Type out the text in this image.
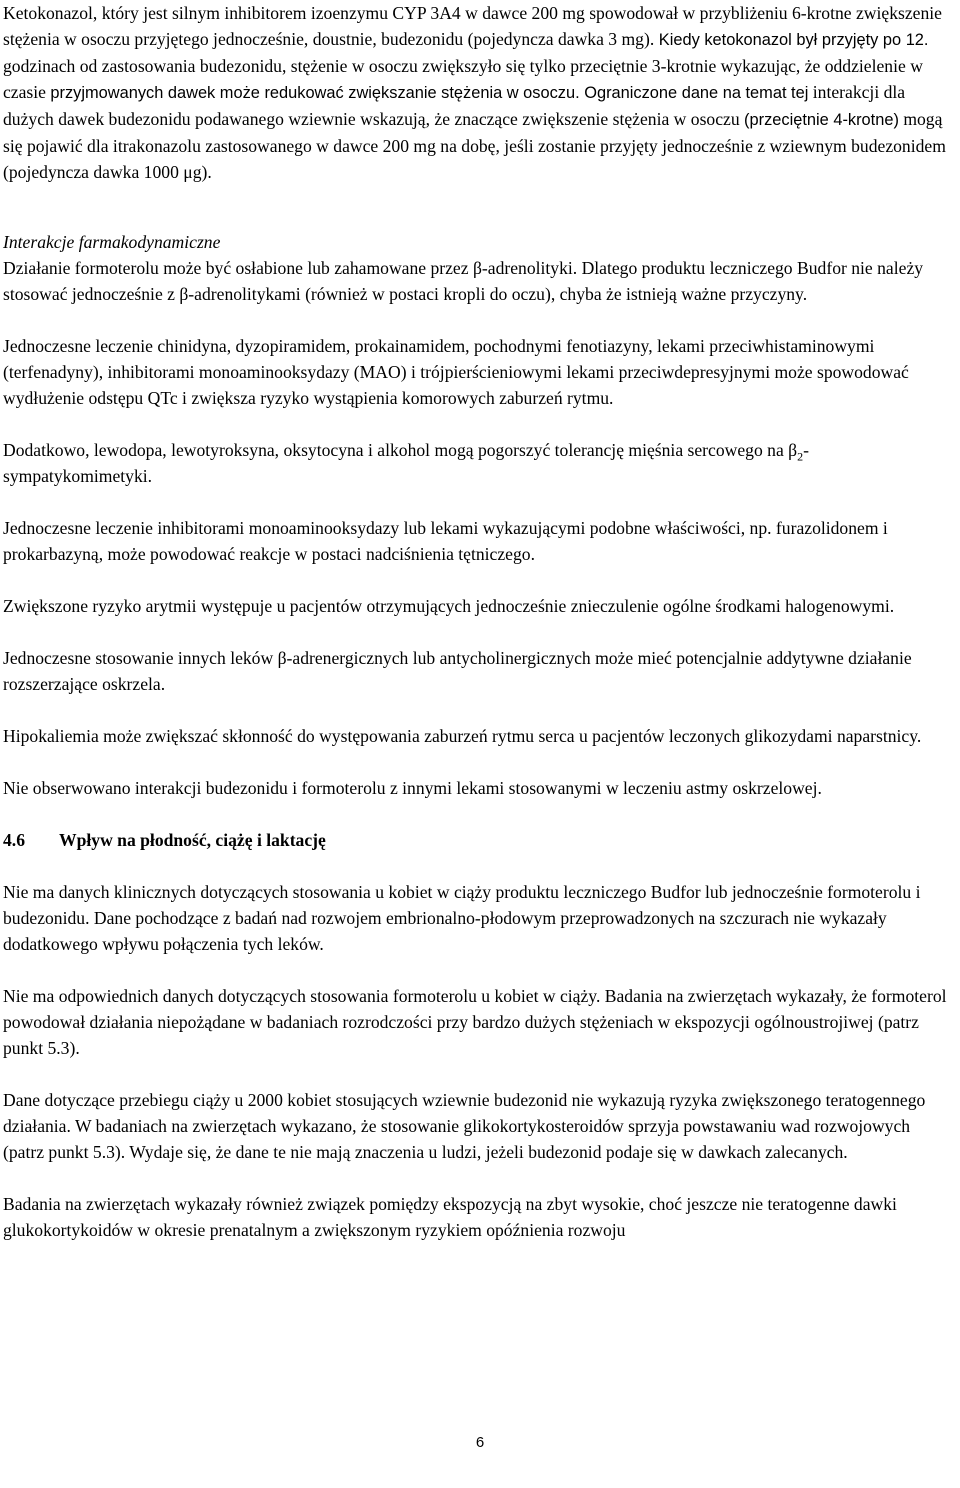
Ketokonazol, który jest silnym inhibitorem izoenzymu CYP 3A4 w dawce 200 mg spowodował w przybliżeniu 6-krotne zwiększenie stężenia w osoczu przyjętego jednocześnie, doustnie, budezonidu (pojedyncza dawka 3 mg). Kiedy ketokonazol był przyjęty po 12. godzinach od zastosowania budezonidu, stężenie w osoczu zwiększyło się tylko przeciętnie 3-krotnie wykazując, że oddzielenie w czasie przyjmowanych dawek może redukować zwiększanie stężenia w osoczu. Ograniczone dane na temat tej interakcji dla dużych dawek budezonidu podawanego wziewnie wskazują, że znaczące zwiększenie stężenia w osoczu (przeciętnie 4-krotne) mogą się pojawić dla itrakonazolu zastosowanego w dawce 200 mg na dobę, jeśli zostanie przyjęty jednocześnie z wziewnym budezonidem (pojedyncza dawka 1000 μg).

Interakcje farmakodynamiczne

Działanie formoterolu może być osłabione lub zahamowane przez β-adrenolityki. Dlatego produktu leczniczego Budfor nie należy stosować jednocześnie z β-adrenolitykami (również w postaci kropli do oczu), chyba że istnieją ważne przyczyny.

Jednoczesne leczenie chinidyna, dyzopiramidem, prokainamidem, pochodnymi fenotiazyny, lekami przeciwhistaminowymi (terfenadyny), inhibitorami monoaminooksydazy (MAO) i trójpierścieniowymi lekami przeciwdepresyjnymi może spowodować wydłużenie odstępu QTc i zwiększa ryzyko wystąpienia komorowych zaburzeń rytmu.

Dodatkowo, lewodopa, lewotyroksyna, oksytocyna i alkohol mogą pogorszyć tolerancję mięśnia sercowego na $\beta_2$-sympatykomimetyki.

Jednoczesne leczenie inhibitorami monoaminooksydazy lub lekami wykazującymi podobne właściwości, np. furazolidonem i prokarbazyną, może powodować reakcje w postaci nadciśnienia tętniczego.

Zwiększone ryzyko arytmii występuje u pacjentów otrzymujących jednocześnie znieczulenie ogólne środkami halogenowymi.

Jednoczesne stosowanie innych leków β-adrenergicznych lub antycholinergicznych może mieć potencjalnie addytywne działanie rozszerzające oskrzela.

Hipokaliemia może zwiększać skłonność do występowania zaburzeń rytmu serca u pacjentów leczonych glikozydami naparstnicy.

Nie obserwowano interakcji budezonidu i formoterolu z innymi lekami stosowanymi w leczeniu astmy oskrzelowej.

4.6 Wpływ na płodność, ciążę i laktację

Nie ma danych klinicznych dotyczących stosowania u kobiet w ciąży produktu leczniczego Budfor lub jednocześnie formoterolu i budezonidu. Dane pochodzące z badań nad rozwojem embrionalno-płodowym przeprowadzonych na szczurach nie wykazały dodatkowego wpływu połączenia tych leków.

Nie ma odpowiednich danych dotyczących stosowania formoterolu u kobiet w ciąży. Badania na zwierzętach wykazały, że formoterol powodował działania niepożądane w badaniach rozrodczości przy bardzo dużych stężeniach w ekspozycji ogólnoustrojiwej (patrz punkt 5.3).

Dane dotyczące przebiegu ciąży u 2000 kobiet stosujących wziewnie budezonid nie wykazują ryzyka zwiększonego teratogennego działania. W badaniach na zwierzętach wykazano, że stosowanie glikokortykosteroidów sprzyja powstawaniu wad rozwojowych (patrz punkt 5.3). Wydaje się, że dane te nie mają znaczenia u ludzi, jeżeli budezonid podaje się w dawkach zalecanych.

Badania na zwierzętach wykazały również związek pomiędzy ekspozycją na zbyt wysokie, choć jeszcze nie teratogenne dawki glukokortykoidów w okresie prenatalnym a zwiększonym ryzykiem opóźnienia rozwoju

6
